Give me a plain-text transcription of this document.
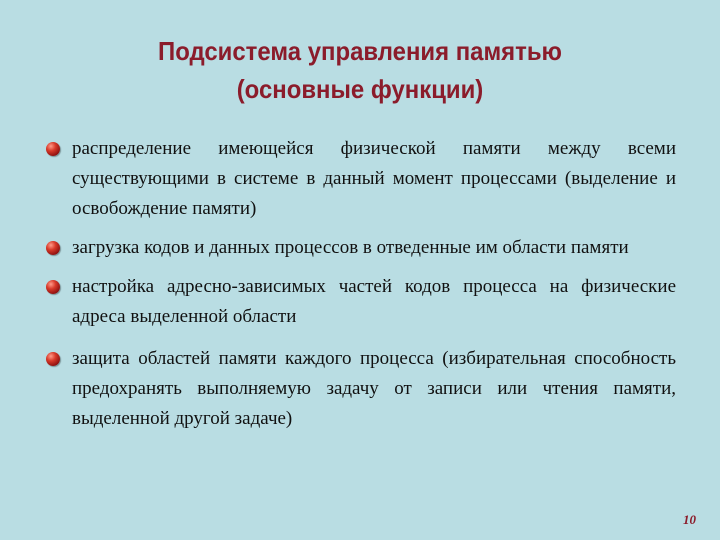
Подсистема управления памятью
(основные функции)
распределение имеющейся физической памяти между всеми существующими в системе в данный момент процессами (выделение и освобождение памяти)
загрузка кодов и данных процессов в отведенные им области памяти
настройка адресно-зависимых частей кодов процесса на физические адреса выделенной области
защита областей памяти каждого процесса (избирательная способность предохранять выполняемую задачу от записи или чтения памяти, выделенной другой задаче)
10
